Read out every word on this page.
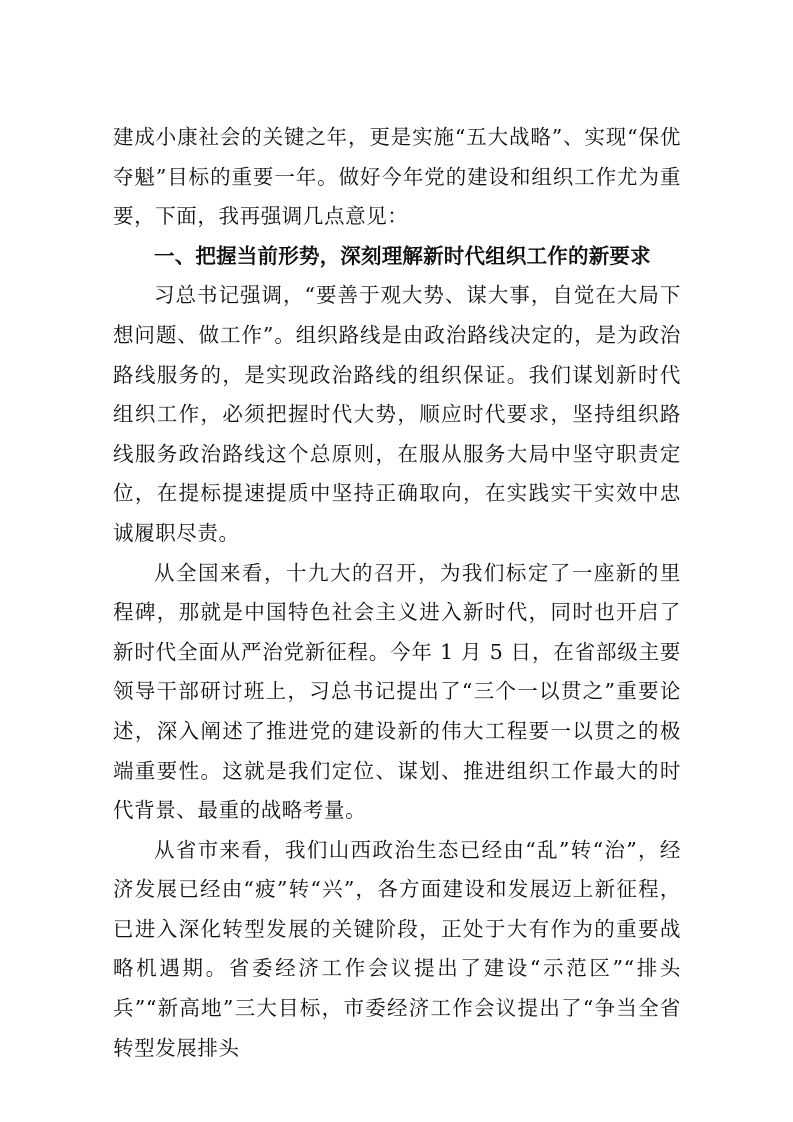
建成小康社会的关键之年，更是实施“五大战略”、实现“保优夺魁”目标的重要一年。做好今年党的建设和组织工作尤为重要，下面，我再强调几点意见：

一、把握当前形势，深刻理解新时代组织工作的新要求

习总书记强调，“要善于观大势、谋大事，自觉在大局下想问题、做工作”。组织路线是由政治路线决定的，是为政治路线服务的，是实现政治路线的组织保证。我们谋划新时代组织工作，必须把握时代大势，顺应时代要求，坚持组织路线服务政治路线这个总原则，在服从服务大局中坚守职责定位，在提标提速提质中坚持正确取向，在实践实干实效中忠诚履职尽责。

从全国来看，十九大的召开，为我们标定了一座新的里程碑，那就是中国特色社会主义进入新时代，同时也开启了新时代全面从严治党新征程。今年 1 月 5 日，在省部级主要领导干部研讨班上，习总书记提出了“三个一以贯之”重要论述，深入阐述了推进党的建设新的伟大工程要一以贯之的极端重要性。这就是我们定位、谋划、推进组织工作最大的时代背景、最重的战略考量。

从省市来看，我们山西政治生态已经由“乱”转“治”，经济发展已经由“疲”转“兴”，各方面建设和发展迈上新征程，已进入深化转型发展的关键阶段，正处于大有作为的重要战略机遇期。省委经济工作会议提出了建设“示范区”“排头兵”“新高地”三大目标，市委经济工作会议提出了“争当全省转型发展排头
